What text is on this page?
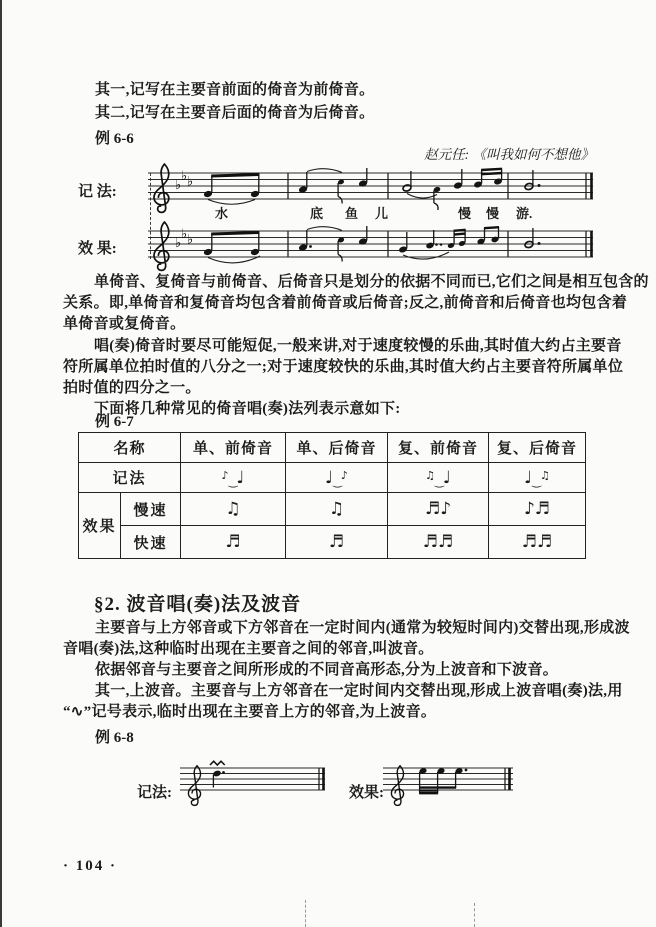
其一,记写在主要音前面的倚音为前倚音。
其二,记写在主要音后面的倚音为后倚音。
例 6-6
赵元任: 《叫我如何不想他》
记 法:
效 果:
♭
♭ ♭
水	底 鱼 儿	慢 慢 游.
♭
♭ ♭
单倚音、复倚音与前倚音、后倚音只是划分的依据不同而已,它们之间是相互包含的
关系。即,单倚音和复倚音均包含着前倚音或后倚音;反之,前倚音和后倚音也均包含着
单倚音或复倚音。
唱(奏)倚音时要尽可能短促,一般来讲,对于速度较慢的乐曲,其时值大约占主要音
符所属单位拍时值的八分之一;对于速度较快的乐曲,其时值大约占主要音符所属单位
拍时值的四分之一。
下面将几种常见的倚音唱(奏)法列表示意如下:
例 6-7
名称		单、前倚音	单、后倚音	复、前倚音	复、后倚音
记法		♪‿♩	♩‿♪	♫‿♩	♩‿♫
效果	慢速	♫	♫	♬♪	♪♬
	快速	♬	♬	♬♬	♬♬
§2. 波音唱(奏)法及波音
主要音与上方邻音或下方邻音在一定时间内(通常为较短时间内)交替出现,形成波
音唱(奏)法,这种临时出现在主要音之间的邻音,叫波音。
依据邻音与主要音之间所形成的不同音高形态,分为上波音和下波音。
其一,上波音。主要音与上方邻音在一定时间内交替出现,形成上波音唱(奏)法,用
“∿”记号表示,临时出现在主要音上方的邻音,为上波音。
例 6-8
记法:	效果:
· 104 ·
